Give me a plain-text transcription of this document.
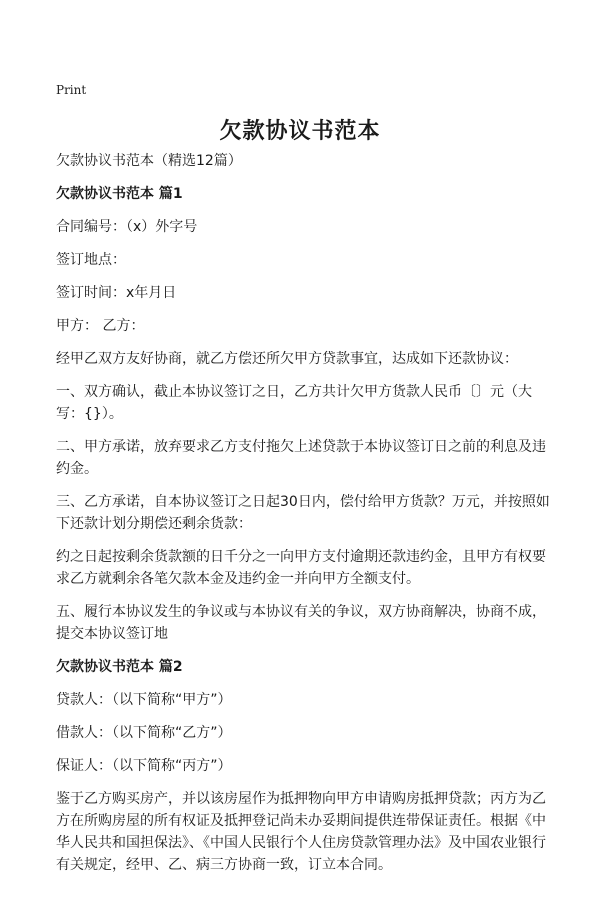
Print
欠款协议书范本

欠款协议书范本（精选12篇）

欠款协议书范本 篇1

合同编号：（x）外字号

签订地点：

签订时间：x年月日

甲方： 乙方：

经甲乙双方友好协商，就乙方偿还所欠甲方贷款事宜，达成如下还款协议：

一、双方确认，截止本协议签订之日，乙方共计欠甲方货款人民币〔〕元（大写：{}）。

二、甲方承诺，放弃要求乙方支付拖欠上述贷款于本协议签订日之前的利息及违约金。

三、乙方承诺，自本协议签订之日起30日内，偿付给甲方货款？万元，并按照如下还款计划分期偿还剩余货款：

约之日起按剩余货款额的日千分之一向甲方支付逾期还款违约金，且甲方有权要求乙方就剩余各笔欠款本金及违约金一并向甲方全额支付。

五、履行本协议发生的争议或与本协议有关的争议，双方协商解决，协商不成，提交本协议签订地

欠款协议书范本 篇2

贷款人：（以下简称“甲方”）

借款人：（以下简称“乙方”）

保证人：（以下简称“丙方”）

鉴于乙方购买房产，并以该房屋作为抵押物向甲方申请购房抵押贷款；丙方为乙方在所购房屋的所有权证及抵押登记尚未办妥期间提供连带保证责任。根据《中华人民共和国担保法》、《中国人民银行个人住房贷款管理办法》及中国农业银行有关规定，经甲、乙、病三方协商一致，订立本合同。
